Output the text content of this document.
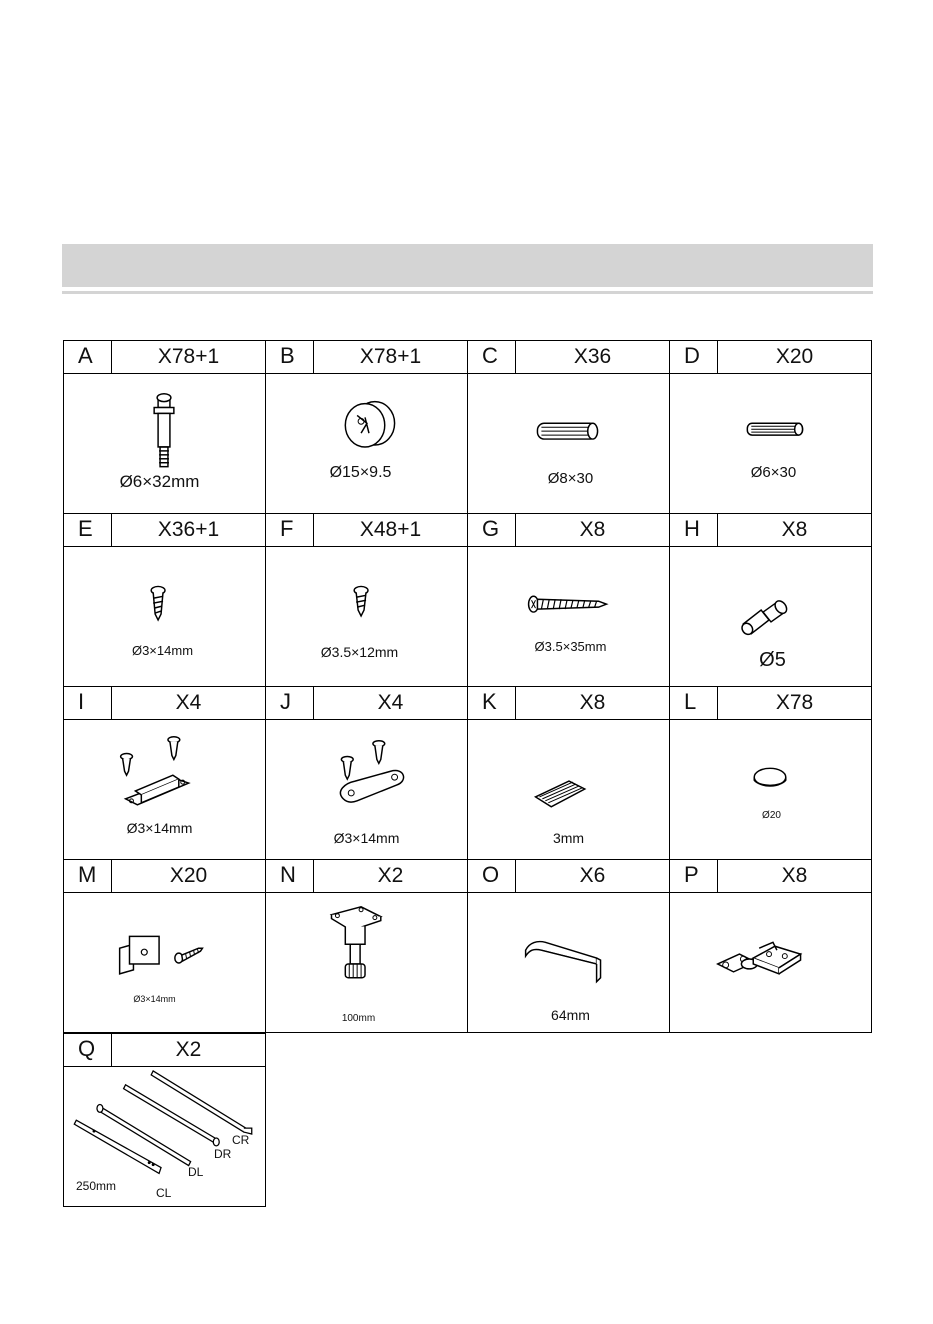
A	X78+1
Ø6×32mm
B	X78+1
Ø15×9.5
C	X36
Ø8×30
D	X20
Ø6×30
E	X36+1
Ø3×14mm
F	X48+1
Ø3.5×12mm
G	X8
Ø3.5×35mm
H	X8
Ø5
I	X4
Ø3×14mm
J	X4
Ø3×14mm
K	X8
3mm
L	X78
Ø20
M	X20
Ø3×14mm
N	X2
100mm
O	X6
64mm
P	X8
Q	X2
CR
DR
DL
CL
250mm
